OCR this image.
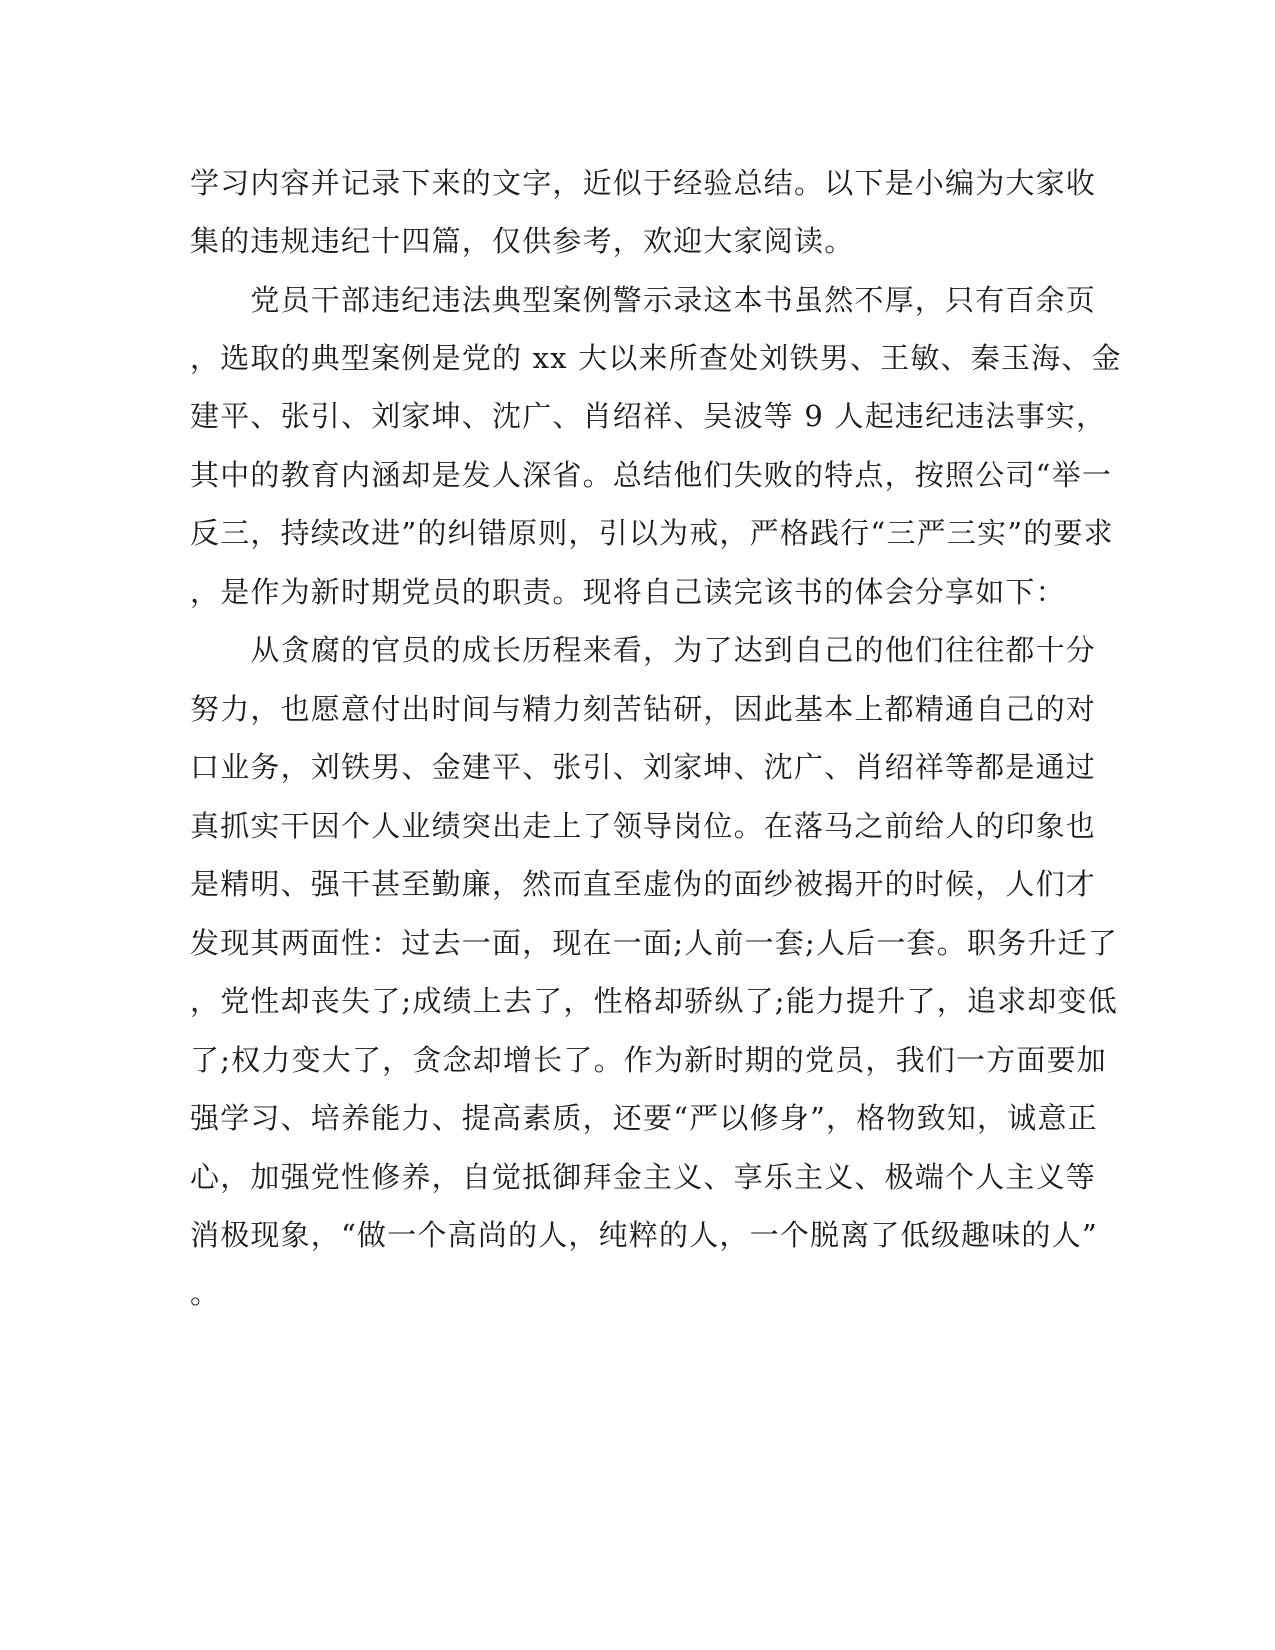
学习内容并记录下来的文字，近似于经验总结。以下是小编为大家收
集的违规违纪十四篇，仅供参考，欢迎大家阅读。
　　党员干部违纪违法典型案例警示录这本书虽然不厚，只有百余页
，选取的典型案例是党的 xx 大以来所查处刘铁男、王敏、秦玉海、金
建平、张引、刘家坤、沈广、肖绍祥、吴波等 9 人起违纪违法事实，
其中的教育内涵却是发人深省。总结他们失败的特点，按照公司“举一
反三，持续改进”的纠错原则，引以为戒，严格践行“三严三实”的要求
，是作为新时期党员的职责。现将自己读完该书的体会分享如下：
　　从贪腐的官员的成长历程来看，为了达到自己的他们往往都十分
努力，也愿意付出时间与精力刻苦钻研，因此基本上都精通自己的对
口业务，刘铁男、金建平、张引、刘家坤、沈广、肖绍祥等都是通过
真抓实干因个人业绩突出走上了领导岗位。在落马之前给人的印象也
是精明、强干甚至勤廉，然而直至虚伪的面纱被揭开的时候，人们才
发现其两面性：过去一面，现在一面;人前一套;人后一套。职务升迁了
，党性却丧失了;成绩上去了，性格却骄纵了;能力提升了，追求却变低
了;权力变大了，贪念却增长了。作为新时期的党员，我们一方面要加
强学习、培养能力、提高素质，还要“严以修身”，格物致知，诚意正
心，加强党性修养，自觉抵御拜金主义、享乐主义、极端个人主义等
消极现象，“做一个高尚的人，纯粹的人，一个脱离了低级趣味的人”
。
